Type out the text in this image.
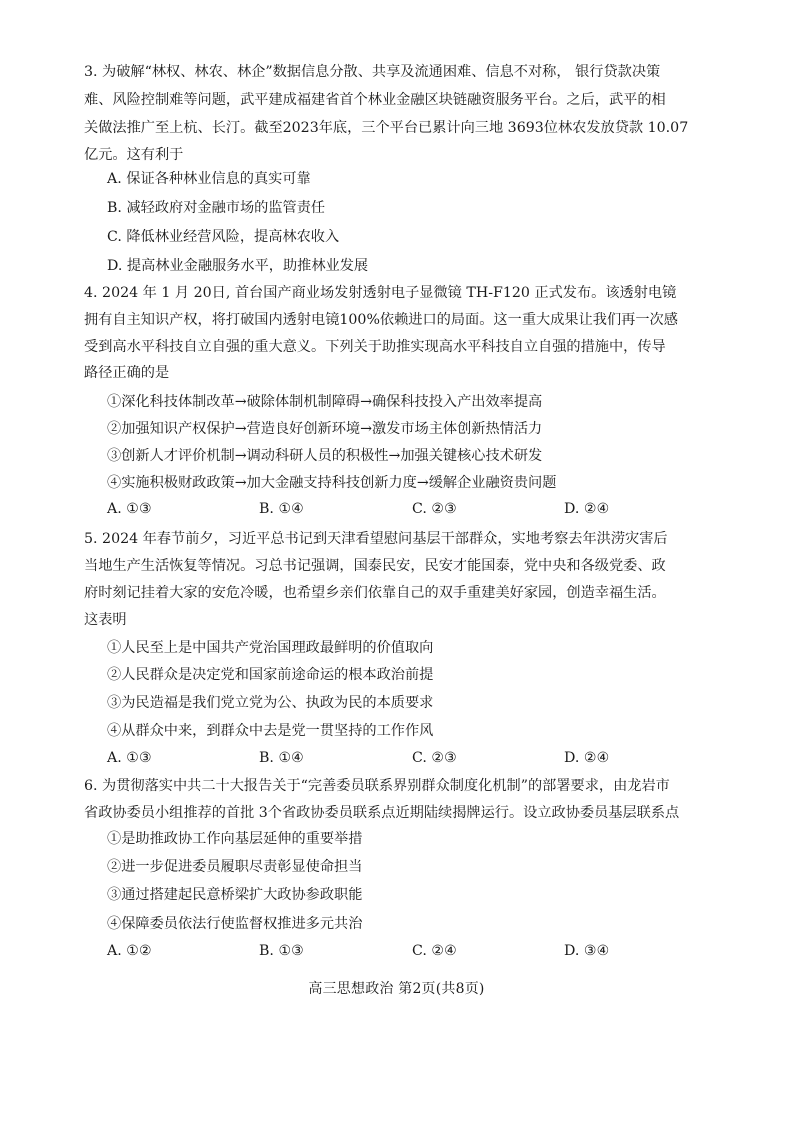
3. 为破解“林权、林农、林企”数据信息分散、共享及流通困难、信息不对称， 银行贷款决策
难、风险控制难等问题，武平建成福建省首个林业金融区块链融资服务平台。之后，武平的相
关做法推广至上杭、长汀。截至2023年底，三个平台已累计向三地 3693位林农发放贷款 10.07
亿元。这有利于
A. 保证各种林业信息的真实可靠
B. 减轻政府对金融市场的监管责任
C. 降低林业经营风险，提高林农收入
D. 提高林业金融服务水平，助推林业发展
4. 2024 年 1 月 20日, 首台国产商业场发射透射电子显微镜 TH-F120 正式发布。该透射电镜
拥有自主知识产权，将打破国内透射电镜100%依赖进口的局面。这一重大成果让我们再一次感
受到高水平科技自立自强的重大意义。下列关于助推实现高水平科技自立自强的措施中，传导
路径正确的是
①深化科技体制改革→破除体制机制障碍→确保科技投入产出效率提高
②加强知识产权保护→营造良好创新环境→激发市场主体创新热情活力
③创新人才评价机制→调动科研人员的积极性→加强关键核心技术研发
④实施积极财政政策→加大金融支持科技创新力度→缓解企业融资贵问题
A. ①③	B. ①④	C. ②③	D. ②④
5. 2024 年春节前夕，习近平总书记到天津看望慰问基层干部群众，实地考察去年洪涝灾害后
当地生产生活恢复等情况。习总书记强调，国泰民安，民安才能国泰，党中央和各级党委、政
府时刻记挂着大家的安危冷暖，也希望乡亲们依靠自己的双手重建美好家园，创造幸福生活。
这表明
①人民至上是中国共产党治国理政最鲜明的价值取向
②人民群众是决定党和国家前途命运的根本政治前提
③为民造福是我们党立党为公、执政为民的本质要求
④从群众中来，到群众中去是党一贯坚持的工作作风
A. ①③	B. ①④	C. ②③	D. ②④
6. 为贯彻落实中共二十大报告关于“完善委员联系界别群众制度化机制”的部署要求，由龙岩市
省政协委员小组推荐的首批 3个省政协委员联系点近期陆续揭牌运行。设立政协委员基层联系点
①是助推政协工作向基层延伸的重要举措
②进一步促进委员履职尽责彰显使命担当
③通过搭建起民意桥梁扩大政协参政职能
④保障委员依法行使监督权推进多元共治
A. ①②	B. ①③	C. ②④	D. ③④
高三思想政治 第2页(共8页)
